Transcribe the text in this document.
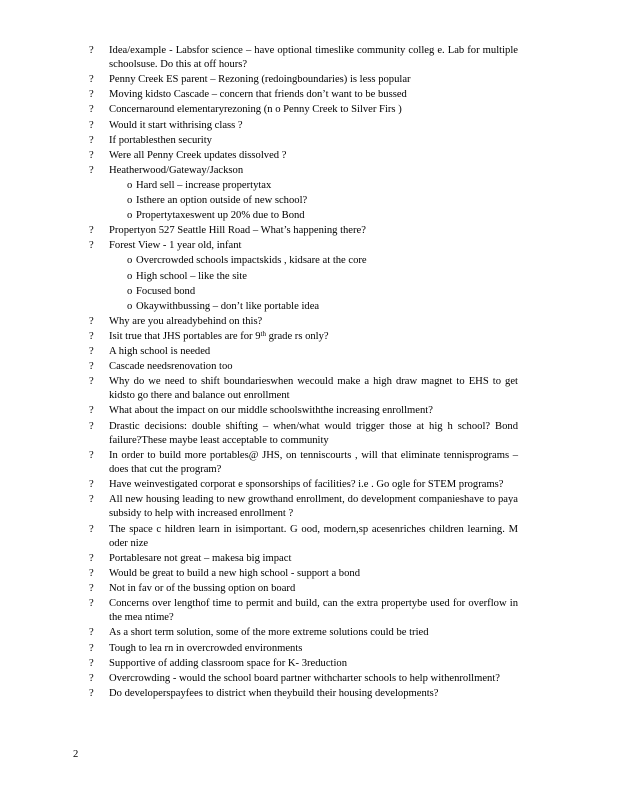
? Idea/example - Labsfor science – have optional timeslike community colleg e. Lab for multiple schoolsuse. Do this at off hours?
? Penny Creek ES parent – Rezoning (redoingboundaries) is less popular
? Moving kidsto Cascade – concern that friends don’t want to be bussed
? Concernaround elementaryrezoning (n o Penny Creek to Silver Firs )
? Would it start withrising class ?
? If portablesthen security
? Were all Penny Creek updates dissolved ?
? Heatherwood/Gateway/Jackson
o Hard sell – increase propertytax
o Isthere an option outside of new school?
o Propertytaxeswent up 20% due to Bond
? Propertyon 527 Seattle Hill Road – What’s happening there?
? Forest View - 1 year old, infant
o Overcrowded schools impactskids , kidsare at the core
o High school – like the site
o Focused bond
o Okaywithbussing – don’t like portable idea
? Why are you alreadybehind on this?
? Isit true that JHS portables are for 9th grade rs only?
? A high school is needed
? Cascade needsrenovation too
? Why do we need to shift boundarieswhen wecould make a high draw magnet to EHS to get kidsto go there and balance out enrollment
? What about the impact on our middle schoolswiththe increasing enrollment?
? Drastic decisions: double shifting – when/what would trigger those at hig h school? Bond failure?These maybe least acceptable to community
? In order to build more portables@ JHS, on tenniscourts , will that eliminate tennisprograms – does that cut the program?
? Have weinvestigated corporat e sponsorships of facilities? i.e . Go ogle for STEM programs?
? All new housing leading to new growthand enrollment, do development companieshave to paya subsidy to help with increased enrollment ?
? The space c hildren learn in isimportant. G ood, modern,sp acesenriches children learning. M oder nize
? Portablesare not great – makesa big impact
? Would be great to build a new high school - support a bond
? Not in fav or of the bussing option on board
? Concerns over lengthof time to permit and build, can the extra propertybe used for overflow in the mea ntime?
? As a short term solution, some of the more extreme solutions could be tried
? Tough to lea rn in overcrowded environments
? Supportive of adding classroom space for K- 3reduction
? Overcrowding - would the school board partner withcharter schools to help withenrollment?
? Do developerspayfees to district when theybuild their housing developments?
2
